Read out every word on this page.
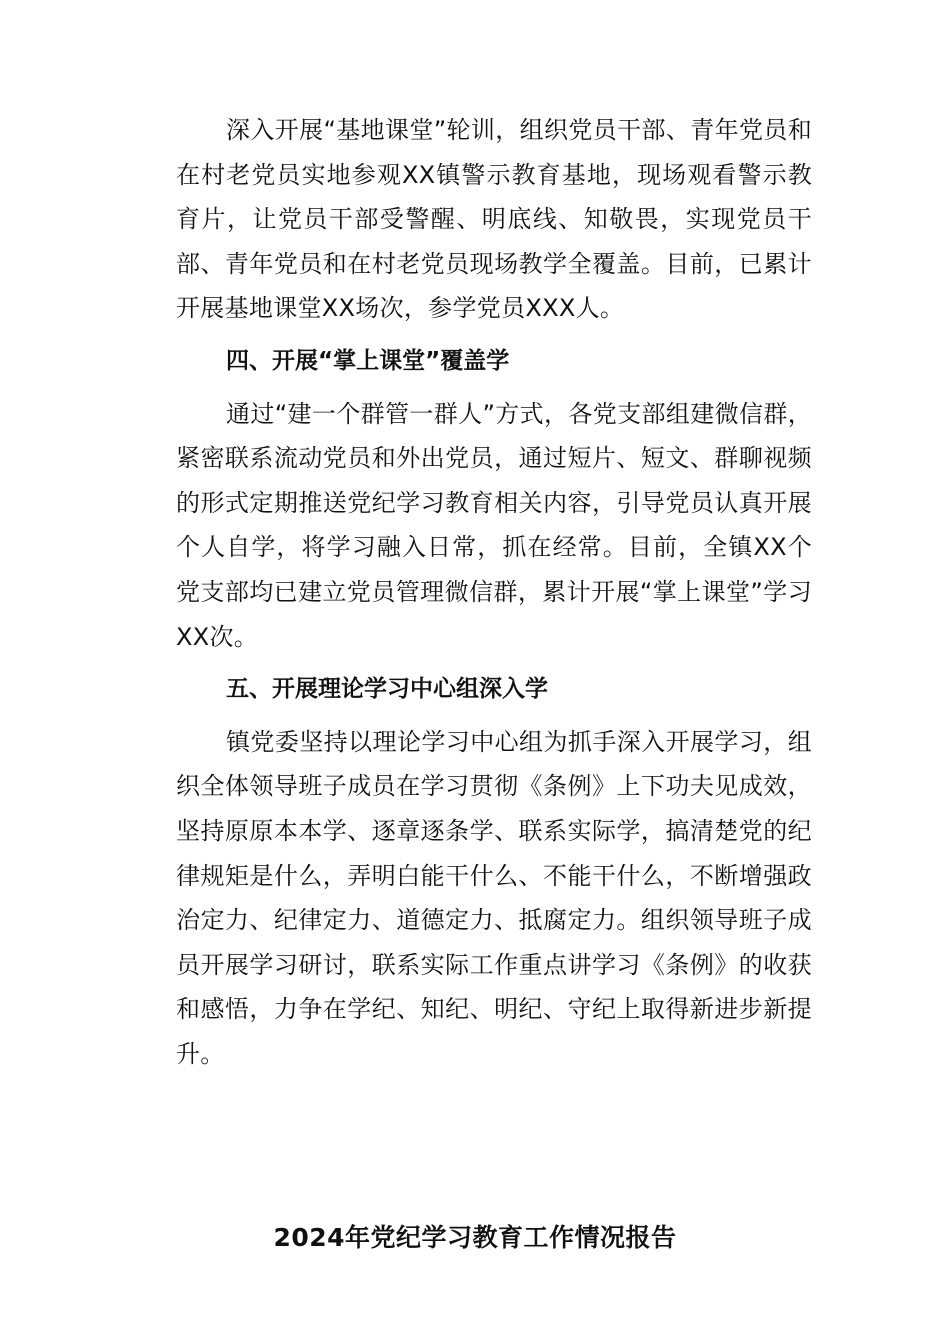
深入开展“基地课堂”轮训，组织党员干部、青年党员和在村老党员实地参观XX镇警示教育基地，现场观看警示教育片，让党员干部受警醒、明底线、知敬畏，实现党员干部、青年党员和在村老党员现场教学全覆盖。目前，已累计开展基地课堂XX场次，参学党员XXX人。

四、开展“掌上课堂”覆盖学

通过“建一个群管一群人”方式，各党支部组建微信群，紧密联系流动党员和外出党员，通过短片、短文、群聊视频的形式定期推送党纪学习教育相关内容，引导党员认真开展个人自学，将学习融入日常，抓在经常。目前，全镇XX个党支部均已建立党员管理微信群，累计开展“掌上课堂”学习XX次。

五、开展理论学习中心组深入学

镇党委坚持以理论学习中心组为抓手深入开展学习，组织全体领导班子成员在学习贯彻《条例》上下功夫见成效，坚持原原本本学、逐章逐条学、联系实际学，搞清楚党的纪律规矩是什么，弄明白能干什么、不能干什么，不断增强政治定力、纪律定力、道德定力、抵腐定力。组织领导班子成员开展学习研讨，联系实际工作重点讲学习《条例》的收获和感悟，力争在学纪、知纪、明纪、守纪上取得新进步新提升。

2024年党纪学习教育工作情况报告
